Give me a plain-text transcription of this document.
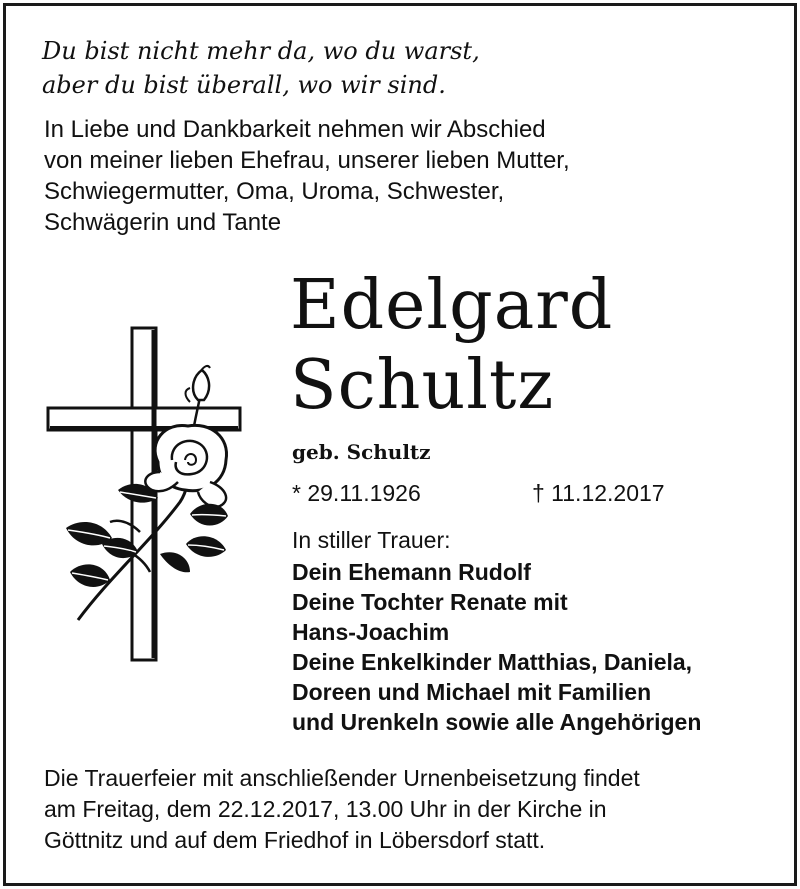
Du bist nicht mehr da, wo du warst,
aber du bist überall, wo wir sind.
In Liebe und Dankbarkeit nehmen wir Abschied
von meiner lieben Ehefrau, unserer lieben Mutter,
Schwiegermutter, Oma, Uroma, Schwester,
Schwägerin und Tante
Edelgard
Schultz
geb. Schultz
* 29.11.1926	† 11.12.2017
In stiller Trauer:
Dein Ehemann Rudolf
Deine Tochter Renate mit
Hans-Joachim
Deine Enkelkinder Matthias, Daniela,
Doreen und Michael mit Familien
und Urenkeln sowie alle Angehörigen
Die Trauerfeier mit anschließender Urnenbeisetzung findet
am Freitag, dem 22.12.2017, 13.00 Uhr in der Kirche in
Göttnitz und auf dem Friedhof in Löbersdorf statt.
